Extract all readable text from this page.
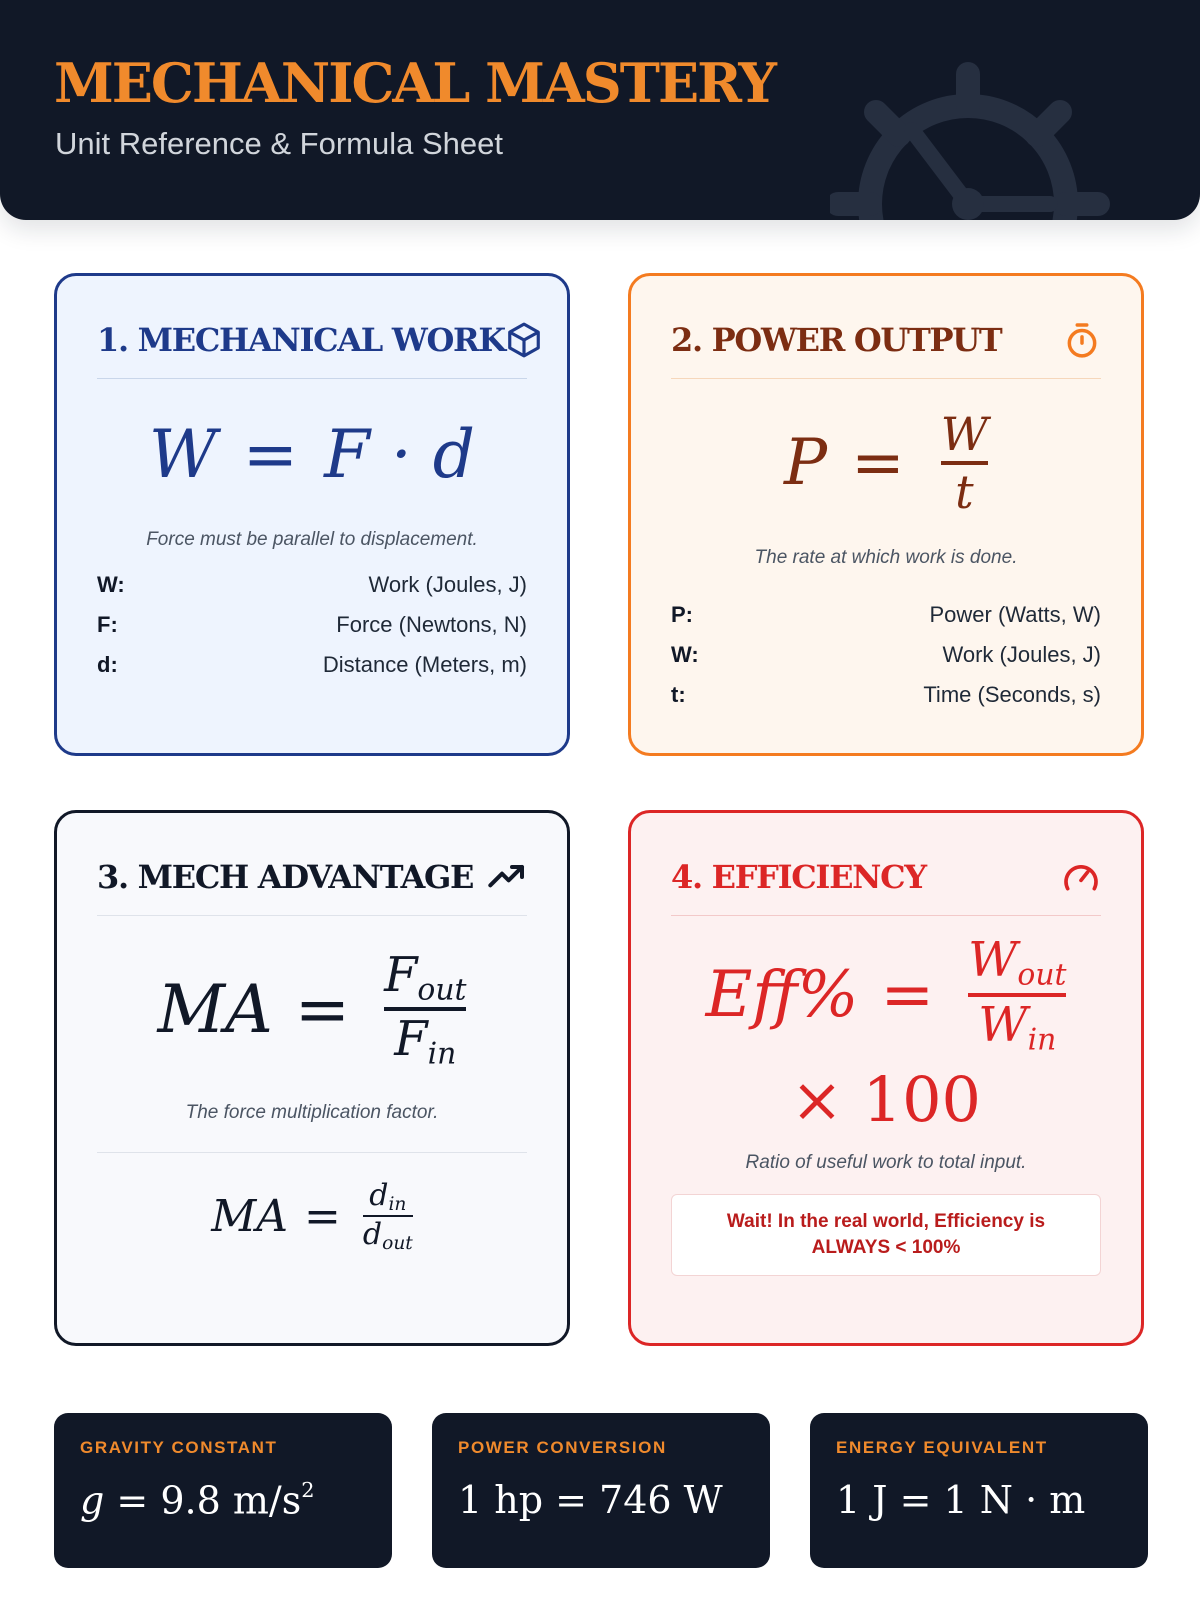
MECHANICAL MASTERY
Unit Reference & Formula Sheet
1. MECHANICAL WORK
W = F · d
Force must be parallel to displacement.
W:	Work (Joules, J)
F:	Force (Newtons, N)
d:	Distance (Meters, m)
2. POWER OUTPUT
$P = \frac{W}{t}$
The rate at which work is done.
P:	Power (Watts, W)
W:	Work (Joules, J)
t:	Time (Seconds, s)
3. MECH ADVANTAGE
MA = $\frac{F_{out}}{F_{in}}$
The force multiplication factor.
MA = $\frac{d_{in}}{d_{out}}$
4. EFFICIENCY
$Eff\% = \frac{W_{out}}{W_{in}}$
× 100
Ratio of useful work to total input.
Wait! In the real world, Efficiency is
ALWAYS < 100%
GRAVITY CONSTANT
g = 9.8 $m/s^2$
POWER CONVERSION
1 hp = 746 W
ENERGY EQUIVALENT
1 J = 1 N · m
